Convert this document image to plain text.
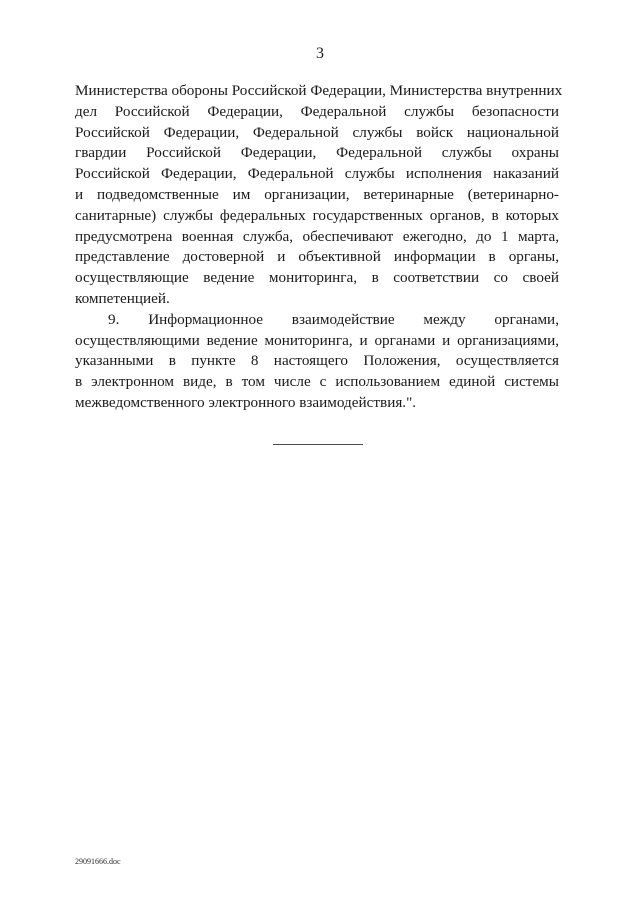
3
Министерства обороны Российской Федерации, Министерства внутренних
дел Российской Федерации, Федеральной службы безопасности
Российской Федерации, Федеральной службы войск национальной
гвардии Российской Федерации, Федеральной службы охраны
Российской Федерации, Федеральной службы исполнения наказаний
и подведомственные им организации, ветеринарные (ветеринарно-
санитарные) службы федеральных государственных органов, в которых
предусмотрена военная служба, обеспечивают ежегодно, до 1 марта,
представление достоверной и объективной информации в органы,
осуществляющие ведение мониторинга, в соответствии со своей
компетенцией.
9. Информационное взаимодействие между органами,
осуществляющими ведение мониторинга, и органами и организациями,
указанными в пункте 8 настоящего Положения, осуществляется
в электронном виде, в том числе с использованием единой системы
межведомственного электронного взаимодействия.".
29091666.doc
